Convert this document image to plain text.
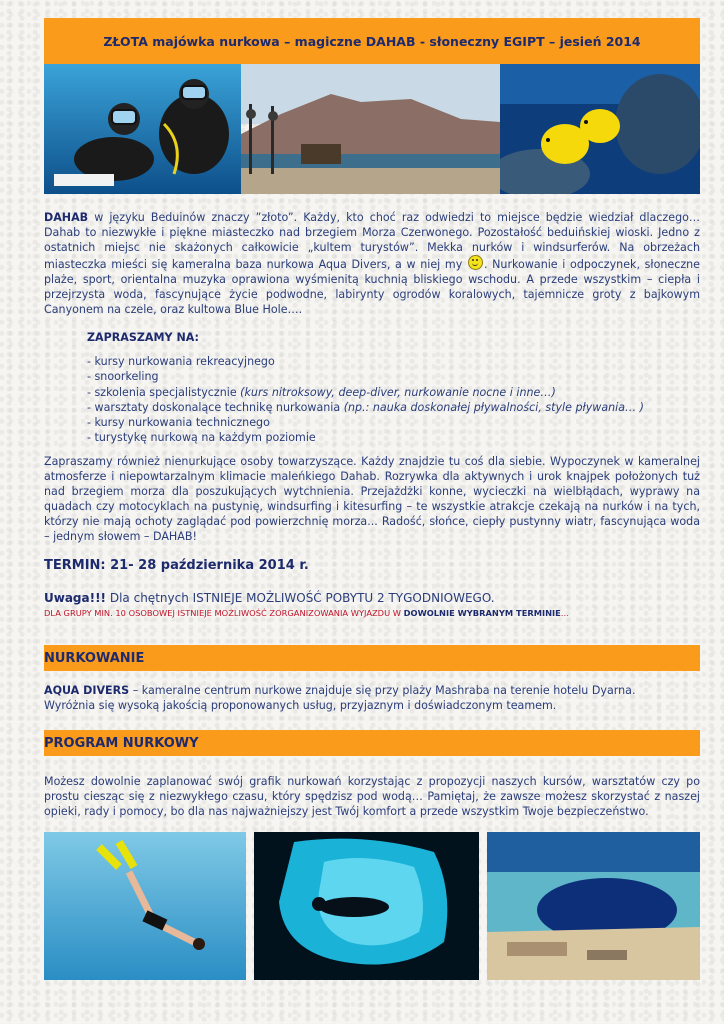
ZŁOTA majówka nurkowa – magiczne DAHAB - słoneczny EGIPT – jesień 2014
DAHAB w języku Beduinów znaczy ”złoto”. Każdy, kto choć raz odwiedzi to miejsce będzie wiedział dlaczego… Dahab to niezwykłe i piękne miasteczko nad brzegiem Morza Czerwonego. Pozostałość beduińskiej wioski. Jedno z ostatnich miejsc nie skażonych całkowicie „kultem turystów”. Mekka nurków i windsurferów. Na obrzeżach miasteczka mieści się kameralna baza nurkowa Aqua Divers, a w niej my . Nurkowanie i odpoczynek, słoneczne plaże, sport, orientalna muzyka oprawiona wyśmienitą kuchnią bliskiego wschodu. A przede wszystkim – ciepła i przejrzysta woda, fascynujące życie podwodne, labirynty ogrodów koralowych, tajemnicze groty z bajkowym Canyonem na czele, oraz kultowa Blue Hole….
ZAPRASZAMY NA:
- kursy nurkowania rekreacyjnego
- snoorkeling
- szkolenia specjalistycznie (kurs nitroksowy, deep-diver, nurkowanie nocne i inne…)
- warsztaty doskonalące technikę nurkowania (np.: nauka doskonałej pływalności, style pływania… )
- kursy nurkowania technicznego
- turystykę nurkową na każdym poziomie
Zapraszamy również nienurkujące osoby towarzyszące. Każdy znajdzie tu coś dla siebie. Wypoczynek w kameralnej atmosferze i niepowtarzalnym klimacie maleńkiego Dahab. Rozrywka dla aktywnych i urok knajpek położonych tuż nad brzegiem morza dla poszukujących wytchnienia. Przejażdżki konne, wycieczki na wielbłądach, wyprawy na quadach czy motocyklach na pustynię, windsurfing i kitesurfing – te wszystkie atrakcje czekają na nurków i na tych, którzy nie mają ochoty zaglądać pod powierzchnię morza... Radość, słońce, ciepły pustynny wiatr, fascynująca woda – jednym słowem – DAHAB!
TERMIN: 21- 28 października 2014 r.
Uwaga!!! Dla chętnych ISTNIEJE MOŻLIWOŚĆ POBYTU 2 TYGODNIOWEGO.
DLA GRUPY MIN. 10 OSOBOWEJ ISTNIEJE MOŻLIWOŚĆ ZORGANIZOWANIA WYJAZDU W DOWOLNIE WYBRANYM TERMINIE…
NURKOWANIE
AQUA DIVERS – kameralne centrum nurkowe znajduje się przy plaży Mashraba na terenie hotelu Dyarna.
Wyróżnia się wysoką jakością proponowanych usług, przyjaznym i doświadczonym teamem.
PROGRAM NURKOWY
Możesz dowolnie zaplanować swój grafik nurkowań korzystając z propozycji naszych kursów, warsztatów czy po prostu ciesząc się z niezwykłego czasu, który spędzisz pod wodą… Pamiętaj, że zawsze możesz skorzystać z naszej opieki, rady i pomocy, bo dla nas najważniejszy jest Twój komfort a przede wszystkim Twoje bezpieczeństwo.
